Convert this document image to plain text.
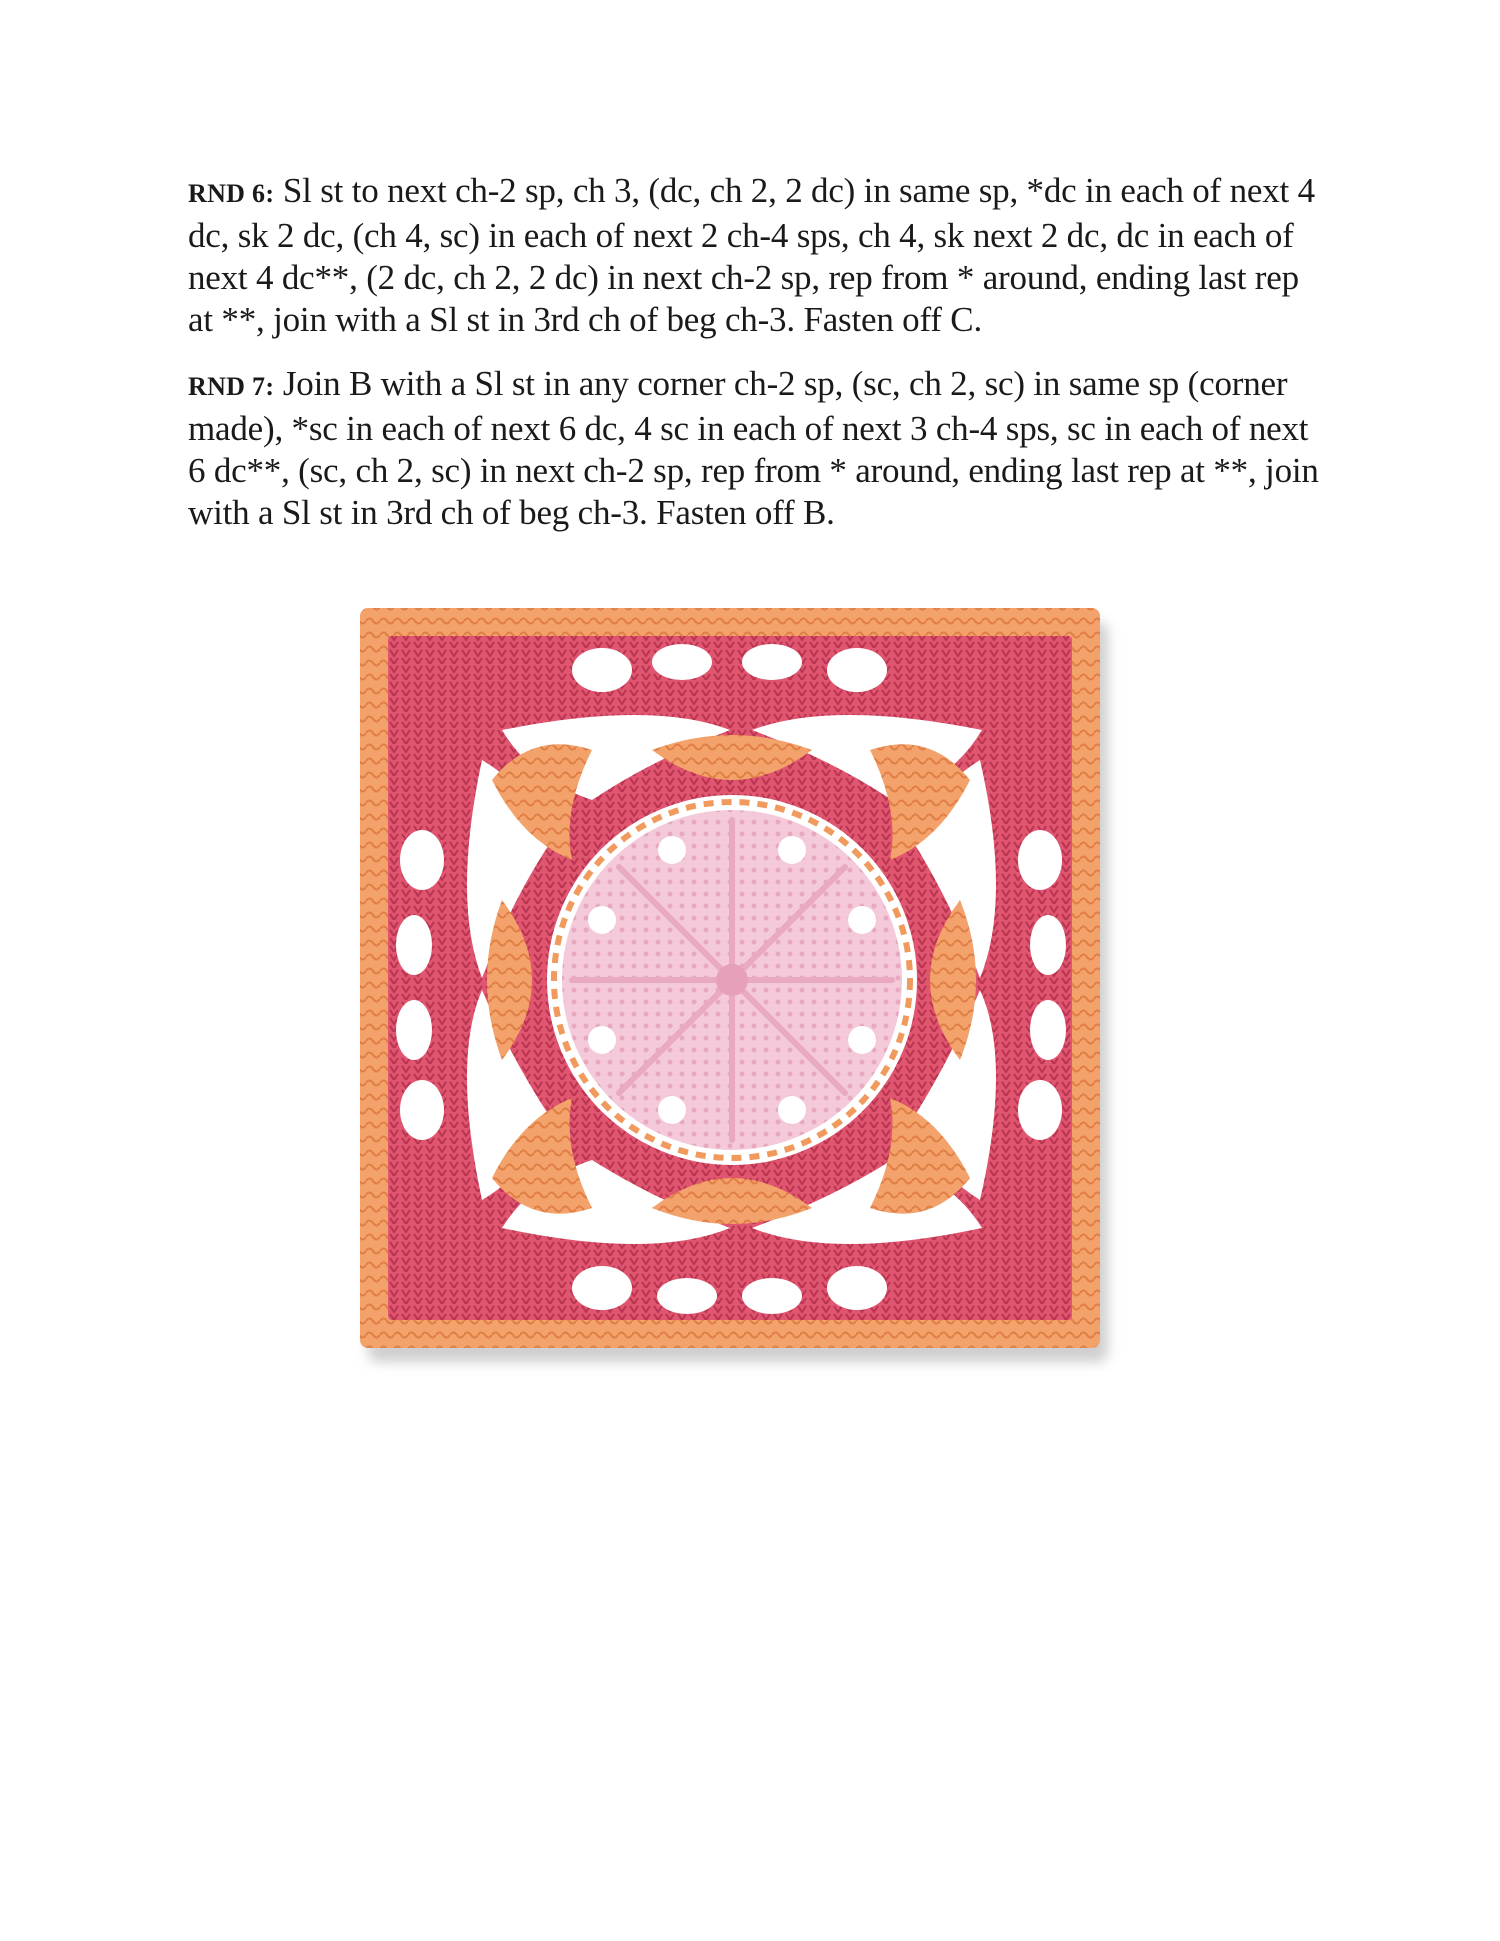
RND 6: Sl st to next ch-2 sp, ch 3, (dc, ch 2, 2 dc) in same sp, *dc in each of next 4 dc, sk 2 dc, (ch 4, sc) in each of next 2 ch-4 sps, ch 4, sk next 2 dc, dc in each of next 4 dc**, (2 dc, ch 2, 2 dc) in next ch-2 sp, rep from * around, ending last rep at **, join with a Sl st in 3rd ch of beg ch-3. Fasten off C.

RND 7: Join B with a Sl st in any corner ch-2 sp, (sc, ch 2, sc) in same sp (corner made), *sc in each of next 6 dc, 4 sc in each of next 3 ch-4 sps, sc in each of next 6 dc**, (sc, ch 2, sc) in next ch-2 sp, rep from * around, ending last rep at **, join with a Sl st in 3rd ch of beg ch-3. Fasten off B.
